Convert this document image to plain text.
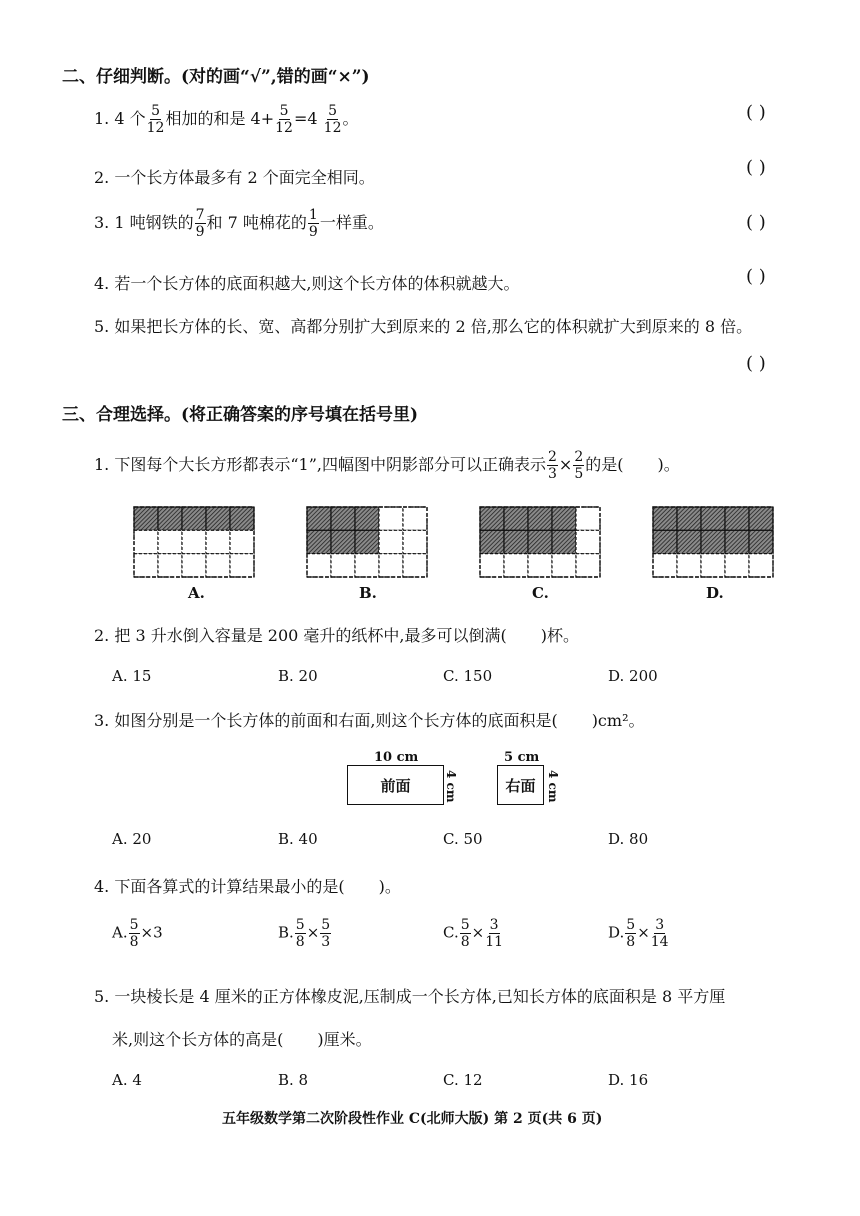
二、仔细判断。(对的画“√”,错的画“×”)
1. 4 个 $\frac{5}{12}$ 相加的和是 $4+ \frac{5}{12} =4 \frac{5}{12}$ 。	( )
2. 一个长方体最多有 2 个面完全相同。	( )
3. 1 吨钢铁的 $\frac{7}{9}$ 和 7 吨棉花的 $\frac{1}{9}$ 一样重。	( )
4. 若一个长方体的底面积越大,则这个长方体的体积就越大。	( )
5. 如果把长方体的长、宽、高都分别扩大到原来的 2 倍,那么它的体积就扩大到原来的 8 倍。
( )
三、合理选择。(将正确答案的序号填在括号里)
1. 下图每个大长方形都表示“1”,四幅图中阴影部分可以正确表示 $\frac{2}{3} \times \frac{2}{5}$ 的是( )。
A.	B.	C.	D.
2. 把 3 升水倒入容量是 200 毫升的纸杯中,最多可以倒满( )杯。
A. 15	B. 20	C. 150	D. 200
3. 如图分别是一个长方体的前面和右面,则这个长方体的底面积是( )cm²。
10 cm
前面	4 cm
5 cm
右面 4 cm
A. 20	B. 40	C. 50	D. 80
4. 下面各算式的计算结果最小的是( )。
A. $\frac{5}{8} \times 3$	B. $\frac{5}{8} \times \frac{5}{3}$	C. $\frac{5}{8} \times \frac{3}{11}$	D. $\frac{5}{8} \times \frac{3}{14}$
5. 一块棱长是 4 厘米的正方体橡皮泥,压制成一个长方体,已知长方体的底面积是 8 平方厘
米,则这个长方体的高是( )厘米。
A. 4	B. 8	C. 12	D. 16
五年级数学第二次阶段性作业 C(北师大版) 第 2 页(共 6 页)
